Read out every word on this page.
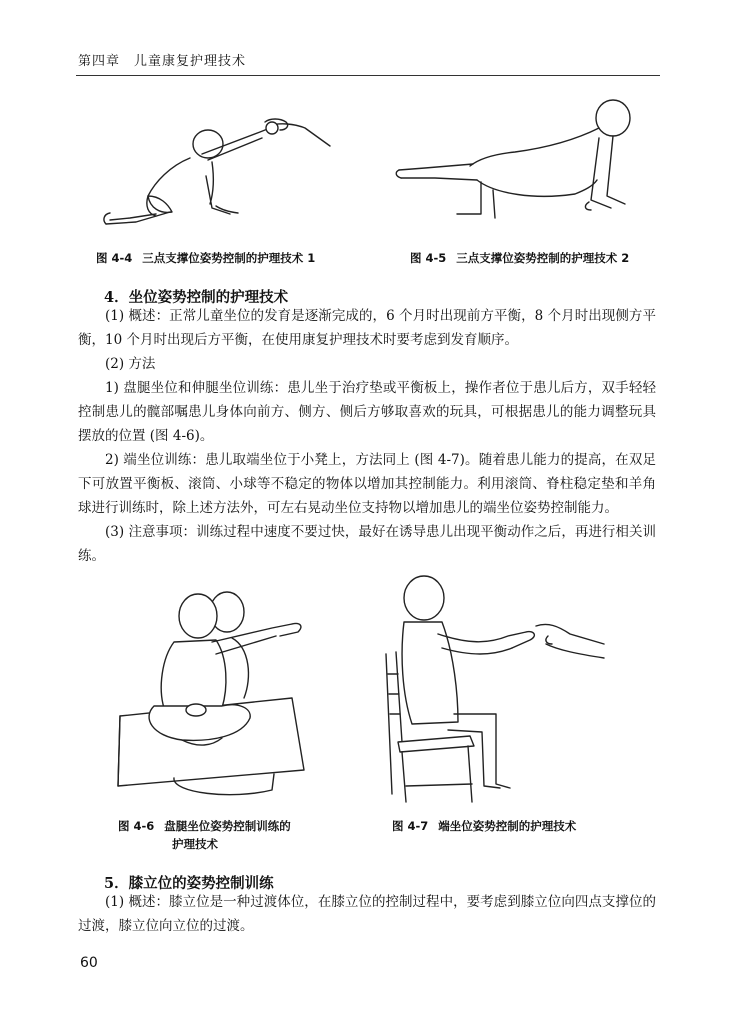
第四章　儿童康复护理技术
图 4-4 三点支撑位姿势控制的护理技术 1	图 4-5 三点支撑位姿势控制的护理技术 2
4．坐位姿势控制的护理技术

(1) 概述：正常儿童坐位的发育是逐渐完成的，6 个月时出现前方平衡，8 个月时出现侧方平衡，10 个月时出现后方平衡，在使用康复护理技术时要考虑到发育顺序。

(2) 方法

1) 盘腿坐位和伸腿坐位训练：患儿坐于治疗垫或平衡板上，操作者位于患儿后方，双手轻轻控制患儿的髋部嘱患儿身体向前方、侧方、侧后方够取喜欢的玩具，可根据患儿的能力调整玩具摆放的位置 (图 4-6)。

2) 端坐位训练：患儿取端坐位于小凳上，方法同上 (图 4-7)。随着患儿能力的提高，在双足下可放置平衡板、滚筒、小球等不稳定的物体以增加其控制能力。利用滚筒、脊柱稳定垫和羊角球进行训练时，除上述方法外，可左右晃动坐位支持物以增加患儿的端坐位姿势控制能力。

(3) 注意事项：训练过程中速度不要过快，最好在诱导患儿出现平衡动作之后，再进行相关训练。

图 4-6 盘腿坐位姿势控制训练的
护理技术
图 4-7 端坐位姿势控制的护理技术
5．膝立位的姿势控制训练

(1) 概述：膝立位是一种过渡体位，在膝立位的控制过程中，要考虑到膝立位向四点支撑位的过渡，膝立位向立位的过渡。

60
